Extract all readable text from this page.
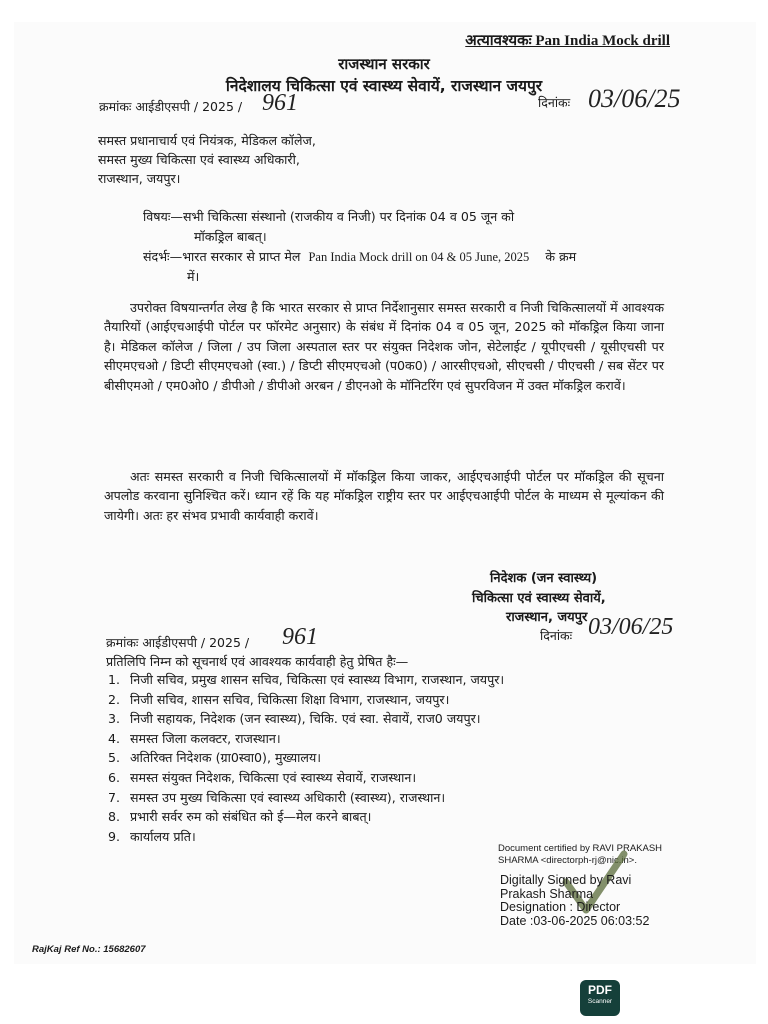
अत्यावश्यकः Pan India Mock drill
राजस्थान सरकार
निदेशालय चिकित्सा एवं स्वास्थ्य सेवायें, राजस्थान जयपुर
क्रमांकः आईडीएसपी / 2025 / 961	दिनांकः 03/06/25
समस्त प्रधानाचार्य एवं नियंत्रक, मेडिकल कॉलेज,
समस्त मुख्य चिकित्सा एवं स्वास्थ्य अधिकारी,
राजस्थान, जयपुर।
विषयः—सभी चिकित्सा संस्थानो (राजकीय व निजी) पर दिनांक 04 व 05 जून को
मॉकड्रिल बाबत्।
संदर्भः—भारत सरकार से प्राप्त मेल Pan India Mock drill on 04 & 05 June, 2025 के क्रम
में।
उपरोक्त विषयान्तर्गत लेख है कि भारत सरकार से प्राप्त निर्देशानुसार समस्त सरकारी व निजी चिकित्सालयों में आवश्यक तैयारियों (आईएचआईपी पोर्टल पर फॉरमेट अनुसार) के संबंध में दिनांक 04 व 05 जून, 2025 को मॉकड्रिल किया जाना है। मेडिकल कॉलेज / जिला / उप जिला अस्पताल स्तर पर संयुक्त निदेशक जोन, सेटेलाईट / यूपीएचसी / यूसीएचसी पर सीएमएचओ / डिप्टी सीएमएचओ (स्वा.) / डिप्टी सीएमएचओ (प0क0) / आरसीएचओ, सीएचसी / पीएचसी / सब सेंटर पर बीसीएमओ / एम0ओ0 / डीपीओ / डीपीओ अरबन / डीएनओ के मॉनिटरिंग एवं सुपरविजन में उक्त मॉकड्रिल करावें।
अतः समस्त सरकारी व निजी चिकित्सालयों में मॉकड्रिल किया जाकर, आईएचआईपी पोर्टल पर मॉकड्रिल की सूचना अपलोड करवाना सुनिश्चित करें। ध्यान रहें कि यह मॉकड्रिल राष्ट्रीय स्तर पर आईएचआईपी पोर्टल के माध्यम से मूल्यांकन की जायेगी। अतः हर संभव प्रभावी कार्यवाही करावें।
निदेशक (जन स्वास्थ्य)
चिकित्सा एवं स्वास्थ्य सेवायें,
राजस्थान, जयपुर
क्रमांकः आईडीएसपी / 2025 / 961	दिनांकः 03/06/25
प्रतिलिपि निम्न को सूचनार्थ एवं आवश्यक कार्यवाही हेतु प्रेषित हैः—
1. निजी सचिव, प्रमुख शासन सचिव, चिकित्सा एवं स्वास्थ्य विभाग, राजस्थान, जयपुर।
2. निजी सचिव, शासन सचिव, चिकित्सा शिक्षा विभाग, राजस्थान, जयपुर।
3. निजी सहायक, निदेशक (जन स्वास्थ्य), चिकि. एवं स्वा. सेवायें, राज0 जयपुर।
4. समस्त जिला कलक्टर, राजस्थान।
5. अतिरिक्त निदेशक (ग्रा0स्वा0), मुख्यालय।
6. समस्त संयुक्त निदेशक, चिकित्सा एवं स्वास्थ्य सेवायें, राजस्थान।
7. समस्त उप मुख्य चिकित्सा एवं स्वास्थ्य अधिकारी (स्वास्थ्य), राजस्थान।
8. प्रभारी सर्वर रुम को संबंधित को ई—मेल करने बाबत्।
9. कार्यालय प्रति।
Document certified by RAVI PRAKASH
SHARMA <directorph-rj@nic.in>.
Digitally Signed by Ravi
Prakash Sharma
Designation : Director
Date :03-06-2025 06:03:52
RajKaj Ref No.: 15682607
PDF
Scanner
